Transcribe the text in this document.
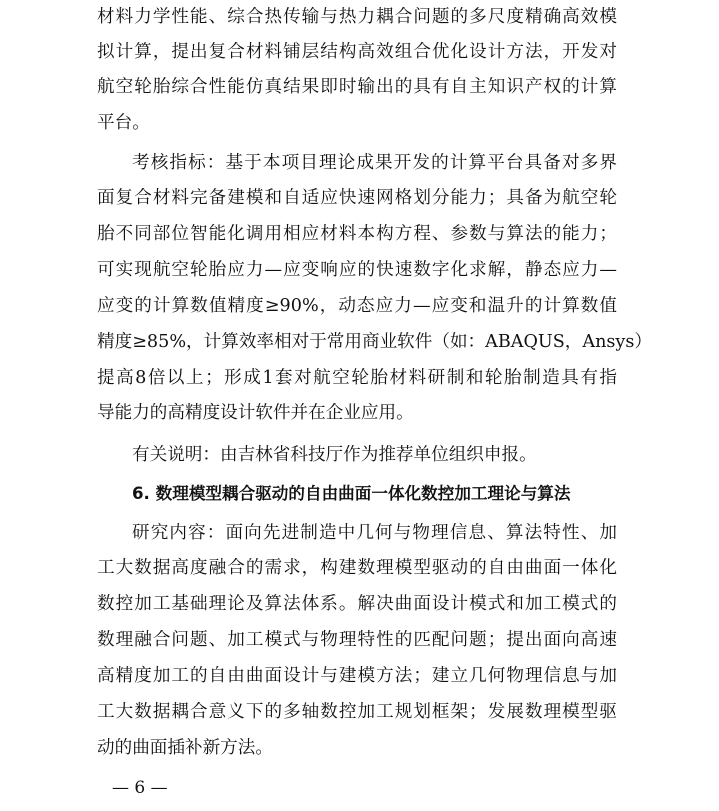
材料力学性能、综合热传输与热力耦合问题的多尺度精确高效模
拟计算，提出复合材料铺层结构高效组合优化设计方法，开发对
航空轮胎综合性能仿真结果即时输出的具有自主知识产权的计算
平台。
考核指标：基于本项目理论成果开发的计算平台具备对多界
面复合材料完备建模和自适应快速网格划分能力；具备为航空轮
胎不同部位智能化调用相应材料本构方程、参数与算法的能力；
可实现航空轮胎应力—应变响应的快速数字化求解，静态应力—
应变的计算数值精度≥90%，动态应力—应变和温升的计算数值
精度≥85%，计算效率相对于常用商业软件（如：ABAQUS，Ansys）
提高8倍以上；形成1套对航空轮胎材料研制和轮胎制造具有指
导能力的高精度设计软件并在企业应用。
有关说明：由吉林省科技厅作为推荐单位组织申报。
6. 数理模型耦合驱动的自由曲面一体化数控加工理论与算法
研究内容：面向先进制造中几何与物理信息、算法特性、加
工大数据高度融合的需求，构建数理模型驱动的自由曲面一体化
数控加工基础理论及算法体系。解决曲面设计模式和加工模式的
数理融合问题、加工模式与物理特性的匹配问题；提出面向高速
高精度加工的自由曲面设计与建模方法；建立几何物理信息与加
工大数据耦合意义下的多轴数控加工规划框架；发展数理模型驱
动的曲面插补新方法。
— 6 —
